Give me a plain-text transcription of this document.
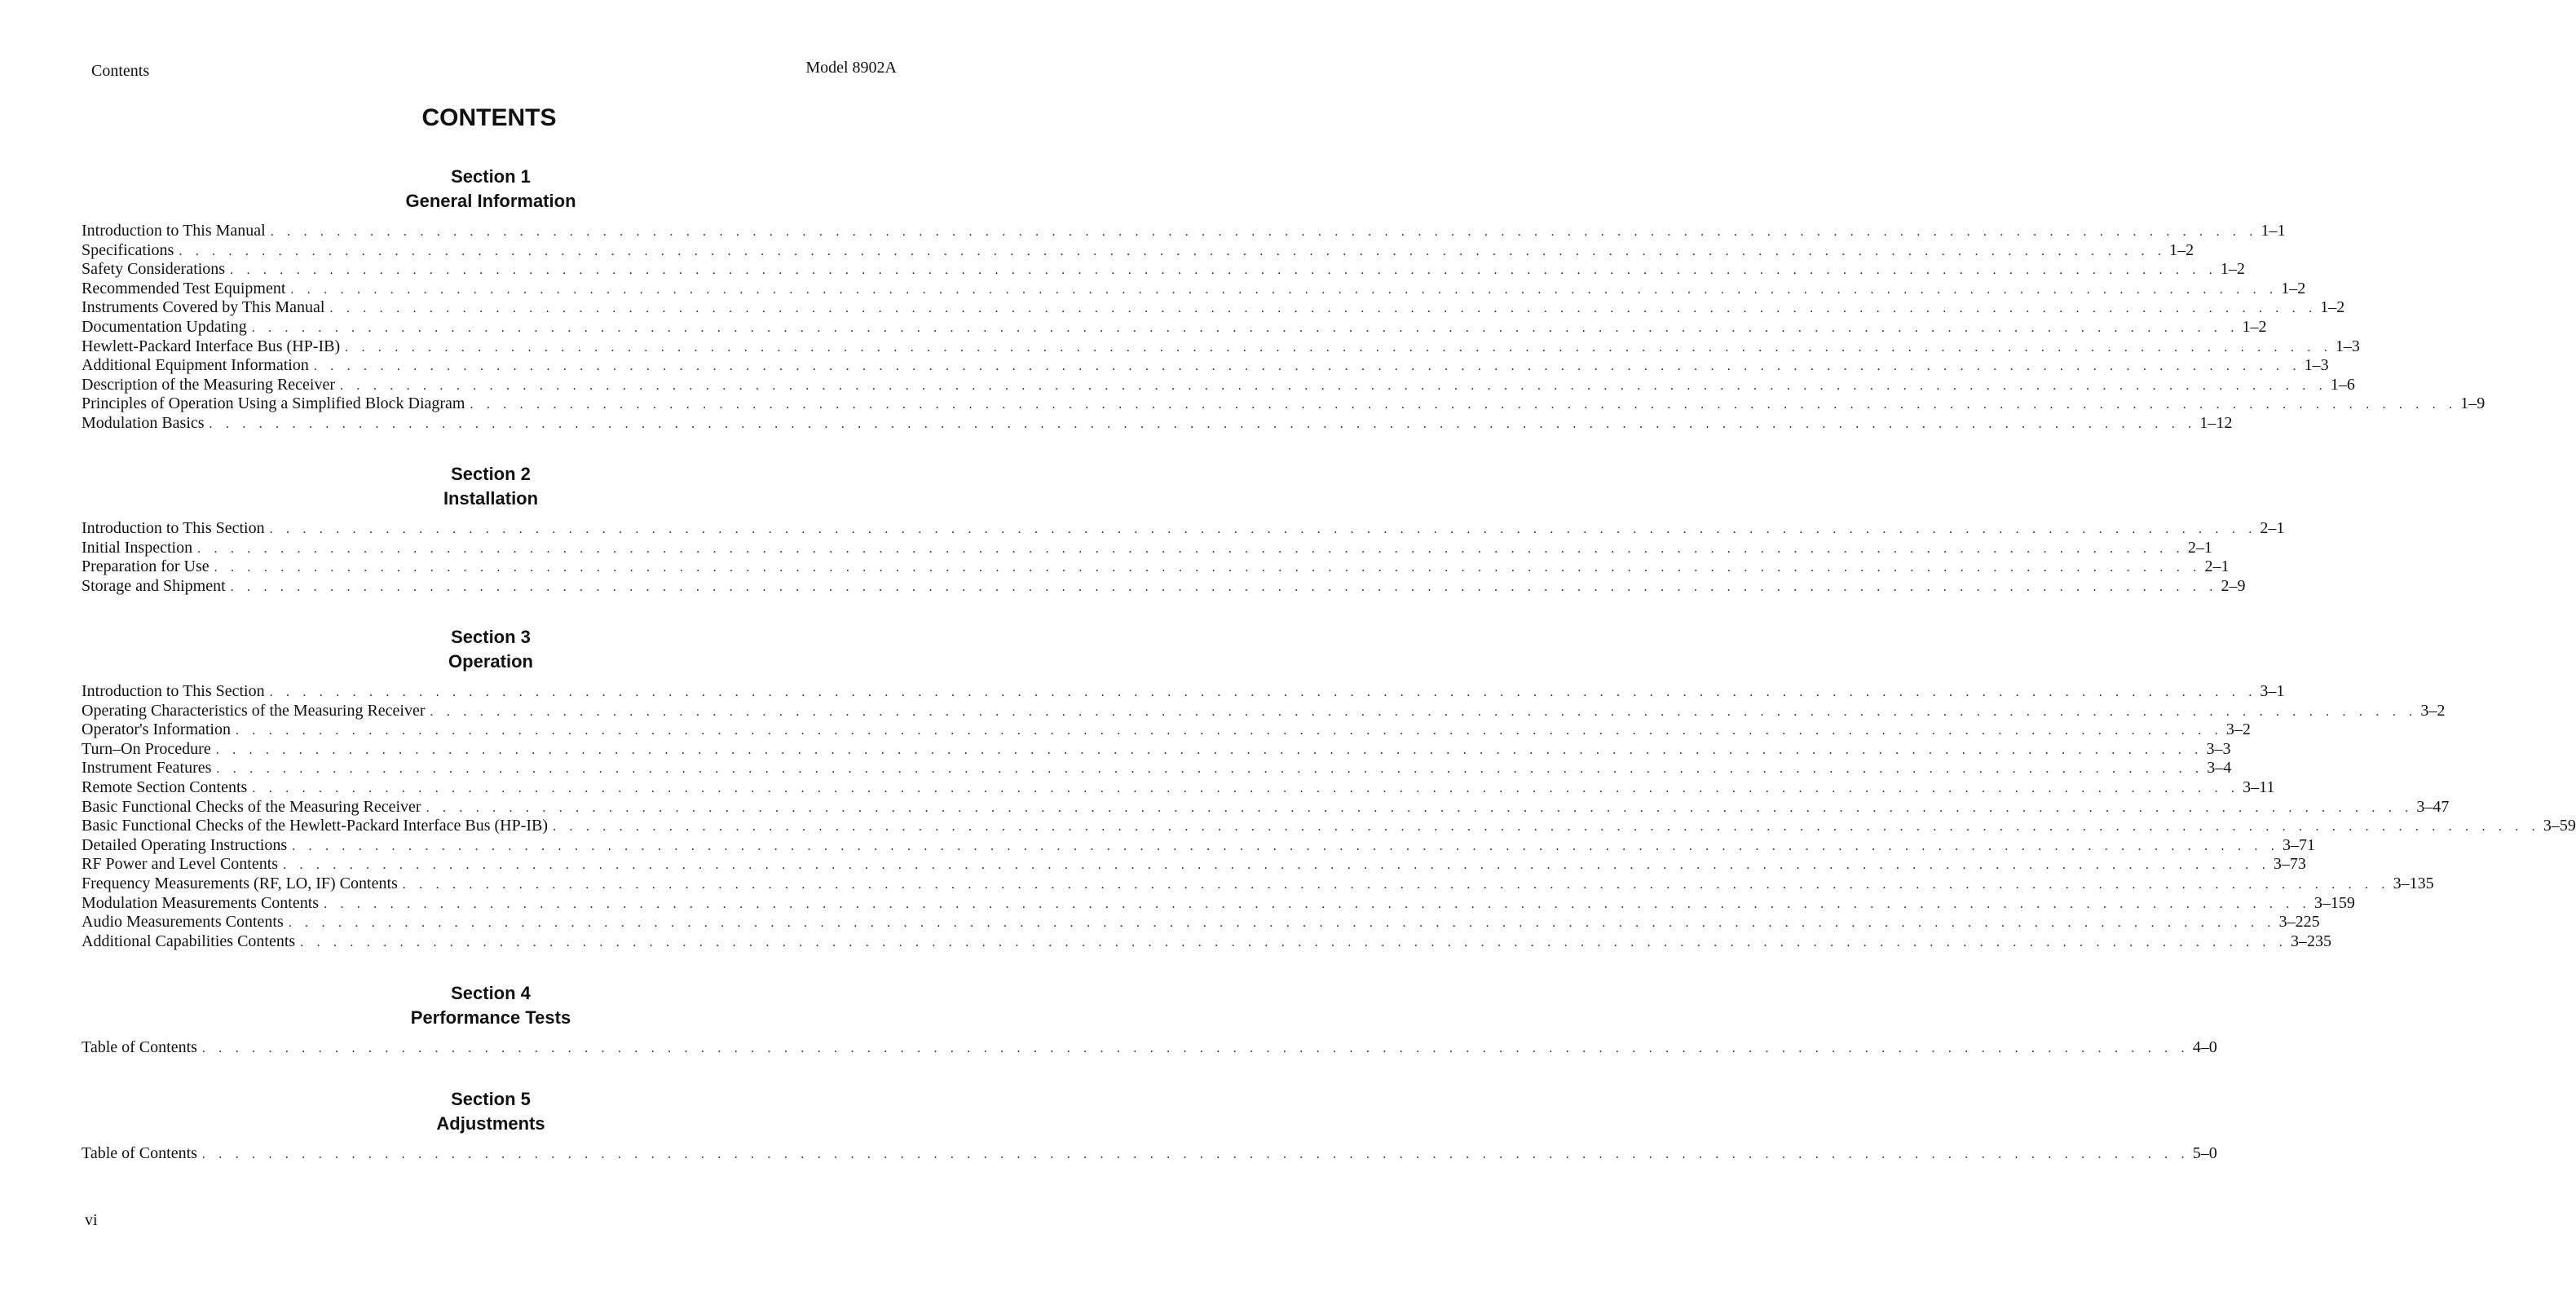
Contents	Model 8902A
CONTENTS
Section 1
General Information
Introduction to This Manual . . . . . . . . . . . . . . . . . . . . . . . . . . . . . . . . . . . . . . . . . . . . . . . . . . . . . . . . . . . . . . . . . . . . . . . . . . . . . . . . . . . . . . . . . . . . . . . . . . . . . . . . . . . . . . . . . . . . . . . . 1–1
Specifications . . . . . . . . . . . . . . . . . . . . . . . . . . . . . . . . . . . . . . . . . . . . . . . . . . . . . . . . . . . . . . . . . . . . . . . . . . . . . . . . . . . . . . . . . . . . . . . . . . . . . . . . . . . . . . . . . . . . . . . . 1–2
Safety Considerations . . . . . . . . . . . . . . . . . . . . . . . . . . . . . . . . . . . . . . . . . . . . . . . . . . . . . . . . . . . . . . . . . . . . . . . . . . . . . . . . . . . . . . . . . . . . . . . . . . . . . . . . . . . . . . . . . . . . . . . . 1–2
Recommended Test Equipment . . . . . . . . . . . . . . . . . . . . . . . . . . . . . . . . . . . . . . . . . . . . . . . . . . . . . . . . . . . . . . . . . . . . . . . . . . . . . . . . . . . . . . . . . . . . . . . . . . . . . . . . . . . . . . . . . . . . . . . . 1–2
Instruments Covered by This Manual . . . . . . . . . . . . . . . . . . . . . . . . . . . . . . . . . . . . . . . . . . . . . . . . . . . . . . . . . . . . . . . . . . . . . . . . . . . . . . . . . . . . . . . . . . . . . . . . . . . . . . . . . . . . . . . . . . . . . . . . 1–2
Documentation Updating . . . . . . . . . . . . . . . . . . . . . . . . . . . . . . . . . . . . . . . . . . . . . . . . . . . . . . . . . . . . . . . . . . . . . . . . . . . . . . . . . . . . . . . . . . . . . . . . . . . . . . . . . . . . . . . . . . . . . . . . 1–2
Hewlett-Packard Interface Bus (HP-IB) . . . . . . . . . . . . . . . . . . . . . . . . . . . . . . . . . . . . . . . . . . . . . . . . . . . . . . . . . . . . . . . . . . . . . . . . . . . . . . . . . . . . . . . . . . . . . . . . . . . . . . . . . . . . . . . . . . . . . . . . 1–3
Additional Equipment Information . . . . . . . . . . . . . . . . . . . . . . . . . . . . . . . . . . . . . . . . . . . . . . . . . . . . . . . . . . . . . . . . . . . . . . . . . . . . . . . . . . . . . . . . . . . . . . . . . . . . . . . . . . . . . . . . . . . . . . . . 1–3
Description of the Measuring Receiver . . . . . . . . . . . . . . . . . . . . . . . . . . . . . . . . . . . . . . . . . . . . . . . . . . . . . . . . . . . . . . . . . . . . . . . . . . . . . . . . . . . . . . . . . . . . . . . . . . . . . . . . . . . . . . . . . . . . . . . . 1–6
Principles of Operation Using a Simplified Block Diagram . . . . . . . . . . . . . . . . . . . . . . . . . . . . . . . . . . . . . . . . . . . . . . . . . . . . . . . . . . . . . . . . . . . . . . . . . . . . . . . . . . . . . . . . . . . . . . . . . . . . . . . . . . . . . . . . . . . . . . . . 1–9
Modulation Basics . . . . . . . . . . . . . . . . . . . . . . . . . . . . . . . . . . . . . . . . . . . . . . . . . . . . . . . . . . . . . . . . . . . . . . . . . . . . . . . . . . . . . . . . . . . . . . . . . . . . . . . . . . . . . . . . . . . . . . . . 1–12
Section 2
Installation
Introduction to This Section . . . . . . . . . . . . . . . . . . . . . . . . . . . . . . . . . . . . . . . . . . . . . . . . . . . . . . . . . . . . . . . . . . . . . . . . . . . . . . . . . . . . . . . . . . . . . . . . . . . . . . . . . . . . . . . . . . . . . . . . 2–1
Initial Inspection . . . . . . . . . . . . . . . . . . . . . . . . . . . . . . . . . . . . . . . . . . . . . . . . . . . . . . . . . . . . . . . . . . . . . . . . . . . . . . . . . . . . . . . . . . . . . . . . . . . . . . . . . . . . . . . . . . . . . . . . 2–1
Preparation for Use . . . . . . . . . . . . . . . . . . . . . . . . . . . . . . . . . . . . . . . . . . . . . . . . . . . . . . . . . . . . . . . . . . . . . . . . . . . . . . . . . . . . . . . . . . . . . . . . . . . . . . . . . . . . . . . . . . . . . . . . 2–1
Storage and Shipment . . . . . . . . . . . . . . . . . . . . . . . . . . . . . . . . . . . . . . . . . . . . . . . . . . . . . . . . . . . . . . . . . . . . . . . . . . . . . . . . . . . . . . . . . . . . . . . . . . . . . . . . . . . . . . . . . . . . . . . . 2–9
Section 3
Operation
Introduction to This Section . . . . . . . . . . . . . . . . . . . . . . . . . . . . . . . . . . . . . . . . . . . . . . . . . . . . . . . . . . . . . . . . . . . . . . . . . . . . . . . . . . . . . . . . . . . . . . . . . . . . . . . . . . . . . . . . . . . . . . . . 3–1
Operating Characteristics of the Measuring Receiver . . . . . . . . . . . . . . . . . . . . . . . . . . . . . . . . . . . . . . . . . . . . . . . . . . . . . . . . . . . . . . . . . . . . . . . . . . . . . . . . . . . . . . . . . . . . . . . . . . . . . . . . . . . . . . . . . . . . . . . . 3–2
Operator's Information . . . . . . . . . . . . . . . . . . . . . . . . . . . . . . . . . . . . . . . . . . . . . . . . . . . . . . . . . . . . . . . . . . . . . . . . . . . . . . . . . . . . . . . . . . . . . . . . . . . . . . . . . . . . . . . . . . . . . . . . 3–2
Turn–On Procedure . . . . . . . . . . . . . . . . . . . . . . . . . . . . . . . . . . . . . . . . . . . . . . . . . . . . . . . . . . . . . . . . . . . . . . . . . . . . . . . . . . . . . . . . . . . . . . . . . . . . . . . . . . . . . . . . . . . . . . . . 3–3
Instrument Features . . . . . . . . . . . . . . . . . . . . . . . . . . . . . . . . . . . . . . . . . . . . . . . . . . . . . . . . . . . . . . . . . . . . . . . . . . . . . . . . . . . . . . . . . . . . . . . . . . . . . . . . . . . . . . . . . . . . . . . . 3–4
Remote Section Contents . . . . . . . . . . . . . . . . . . . . . . . . . . . . . . . . . . . . . . . . . . . . . . . . . . . . . . . . . . . . . . . . . . . . . . . . . . . . . . . . . . . . . . . . . . . . . . . . . . . . . . . . . . . . . . . . . . . . . . . . 3–11
Basic Functional Checks of the Measuring Receiver . . . . . . . . . . . . . . . . . . . . . . . . . . . . . . . . . . . . . . . . . . . . . . . . . . . . . . . . . . . . . . . . . . . . . . . . . . . . . . . . . . . . . . . . . . . . . . . . . . . . . . . . . . . . . . . . . . . . . . . . 3–47
Basic Functional Checks of the Hewlett-Packard Interface Bus (HP-IB) . . . . . . . . . . . . . . . . . . . . . . . . . . . . . . . . . . . . . . . . . . . . . . . . . . . . . . . . . . . . . . . . . . . . . . . . . . . . . . . . . . . . . . . . . . . . . . . . . . . . . . . . . . . . . . . . . . . . . . . . 3–59
Detailed Operating Instructions . . . . . . . . . . . . . . . . . . . . . . . . . . . . . . . . . . . . . . . . . . . . . . . . . . . . . . . . . . . . . . . . . . . . . . . . . . . . . . . . . . . . . . . . . . . . . . . . . . . . . . . . . . . . . . . . . . . . . . . . 3–71
RF Power and Level Contents . . . . . . . . . . . . . . . . . . . . . . . . . . . . . . . . . . . . . . . . . . . . . . . . . . . . . . . . . . . . . . . . . . . . . . . . . . . . . . . . . . . . . . . . . . . . . . . . . . . . . . . . . . . . . . . . . . . . . . . . 3–73
Frequency Measurements (RF, LO, IF) Contents . . . . . . . . . . . . . . . . . . . . . . . . . . . . . . . . . . . . . . . . . . . . . . . . . . . . . . . . . . . . . . . . . . . . . . . . . . . . . . . . . . . . . . . . . . . . . . . . . . . . . . . . . . . . . . . . . . . . . . . . 3–135
Modulation Measurements Contents . . . . . . . . . . . . . . . . . . . . . . . . . . . . . . . . . . . . . . . . . . . . . . . . . . . . . . . . . . . . . . . . . . . . . . . . . . . . . . . . . . . . . . . . . . . . . . . . . . . . . . . . . . . . . . . . . . . . . . . . 3–159
Audio Measurements Contents . . . . . . . . . . . . . . . . . . . . . . . . . . . . . . . . . . . . . . . . . . . . . . . . . . . . . . . . . . . . . . . . . . . . . . . . . . . . . . . . . . . . . . . . . . . . . . . . . . . . . . . . . . . . . . . . . . . . . . . . 3–225
Additional Capabilities Contents . . . . . . . . . . . . . . . . . . . . . . . . . . . . . . . . . . . . . . . . . . . . . . . . . . . . . . . . . . . . . . . . . . . . . . . . . . . . . . . . . . . . . . . . . . . . . . . . . . . . . . . . . . . . . . . . . . . . . . . . 3–235
Section 4
Performance Tests
Table of Contents . . . . . . . . . . . . . . . . . . . . . . . . . . . . . . . . . . . . . . . . . . . . . . . . . . . . . . . . . . . . . . . . . . . . . . . . . . . . . . . . . . . . . . . . . . . . . . . . . . . . . . . . . . . . . . . . . . . . . . . . 4–0
Section 5
Adjustments
Table of Contents . . . . . . . . . . . . . . . . . . . . . . . . . . . . . . . . . . . . . . . . . . . . . . . . . . . . . . . . . . . . . . . . . . . . . . . . . . . . . . . . . . . . . . . . . . . . . . . . . . . . . . . . . . . . . . . . . . . . . . . . 5–0
vi
